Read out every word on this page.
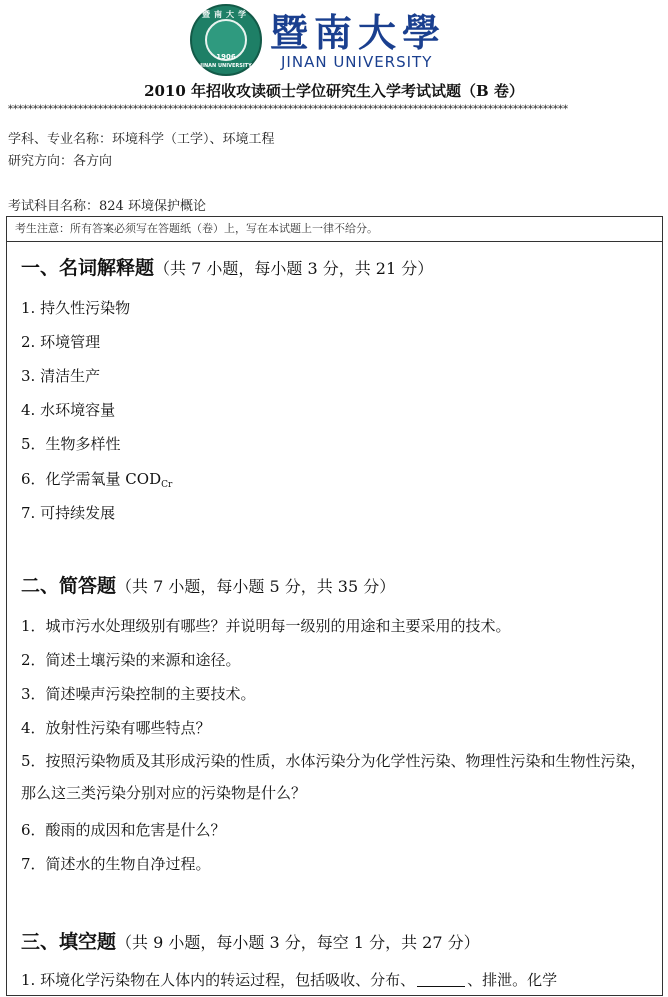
暨南大学
1906
JINAN UNIVERSITY
暨南大學
JINAN UNIVERSITY
2010 年招收攻读硕士学位研究生入学考试试题（B 卷）
****************************************************************************************************************
学科、专业名称：环境科学（工学）、环境工程
研究方向：各方向
考试科目名称：824 环境保护概论
考生注意：所有答案必须写在答题纸（卷）上，写在本试题上一律不给分。
一、名词解释题（共 7 小题，每小题 3 分，共 21 分）
1. 持久性污染物
2. 环境管理
3. 清洁生产
4. 水环境容量
5．生物多样性
6．化学需氧量 $COD_{Cr}$
7. 可持续发展
二、简答题（共 7 小题，每小题 5 分，共 35 分）
1．城市污水处理级别有哪些？并说明每一级别的用途和主要采用的技术。
2．简述土壤污染的来源和途径。
3．简述噪声污染控制的主要技术。
4．放射性污染有哪些特点？
5．按照污染物质及其形成污染的性质，水体污染分为化学性污染、物理性污染和生物性污染，那么这三类污染分别对应的污染物是什么？
6．酸雨的成因和危害是什么？
7．简述水的生物自净过程。
三、填空题（共 9 小题，每小题 3 分，每空 1 分，共 27 分）
1. 环境化学污染物在人体内的转运过程，包括吸收、分布、	、排泄。化学
